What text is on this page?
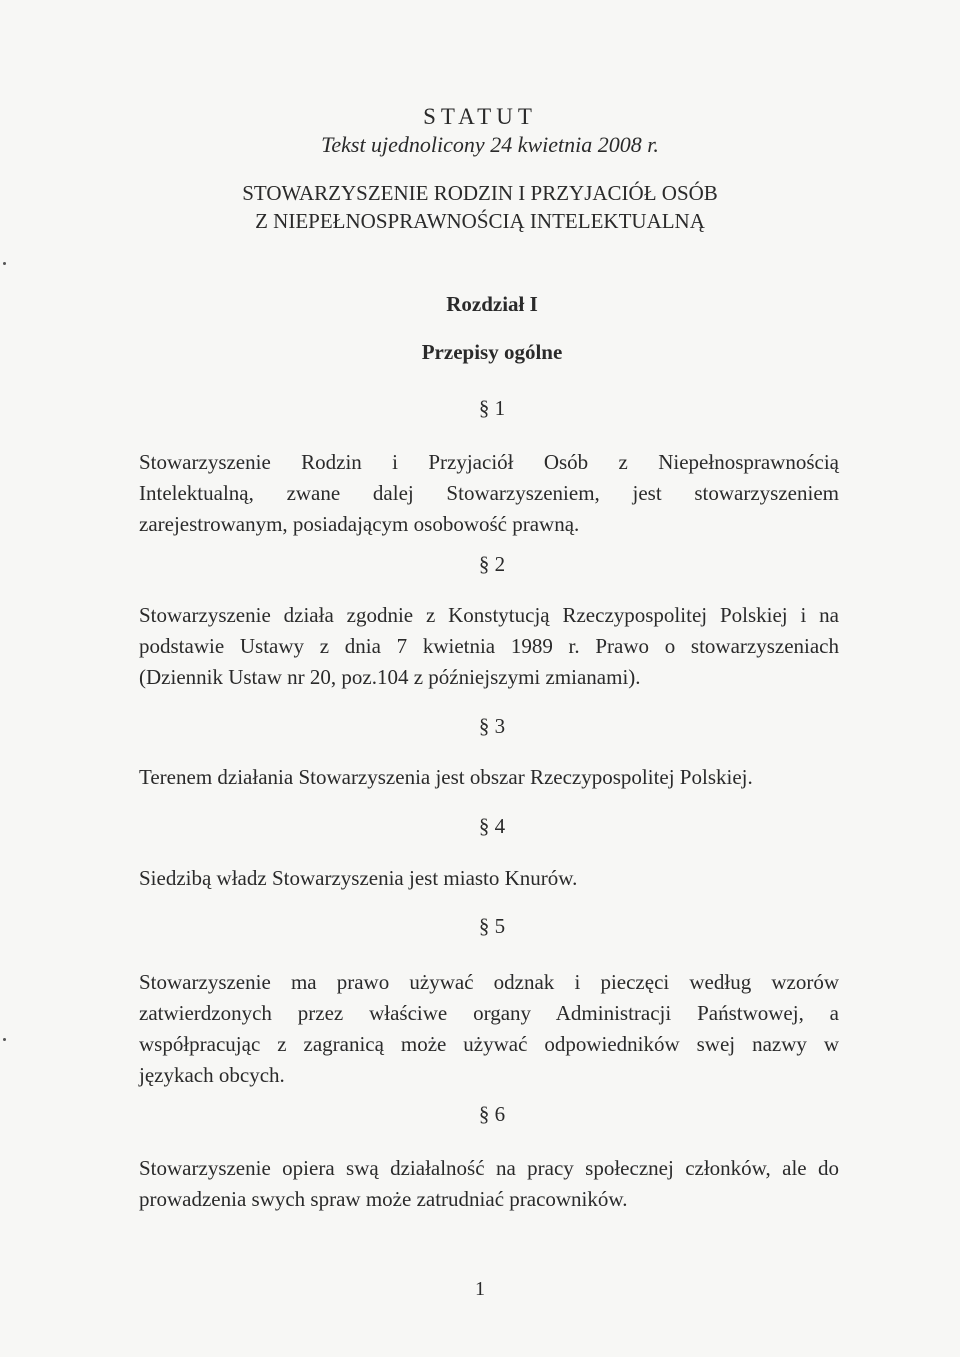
STATUT
Tekst ujednolicony 24 kwietnia 2008 r.
STOWARZYSZENIE RODZIN I PRZYJACIÓŁ OSÓB
Z NIEPEŁNOSPRAWNOŚCIĄ INTELEKTUALNĄ
Rozdział I
Przepisy ogólne
§ 1
Stowarzyszenie Rodzin i Przyjaciół Osób z Niepełnosprawnością
Intelektualną, zwane dalej Stowarzyszeniem, jest stowarzyszeniem
zarejestrowanym, posiadającym osobowość prawną.
§ 2
Stowarzyszenie działa zgodnie z Konstytucją Rzeczypospolitej Polskiej i na
podstawie Ustawy z dnia 7 kwietnia 1989 r. Prawo o stowarzyszeniach
(Dziennik Ustaw nr 20, poz.104 z późniejszymi zmianami).
§ 3
Terenem działania Stowarzyszenia jest obszar Rzeczypospolitej Polskiej.
§ 4
Siedzibą władz Stowarzyszenia jest miasto Knurów.
§ 5
Stowarzyszenie ma prawo używać odznak i pieczęci według wzorów
zatwierdzonych przez właściwe organy Administracji Państwowej, a
współpracując z zagranicą może używać odpowiedników swej nazwy w
językach obcych.
§ 6
Stowarzyszenie opiera swą działalność na pracy społecznej członków, ale do
prowadzenia swych spraw może zatrudniać pracowników.
1
